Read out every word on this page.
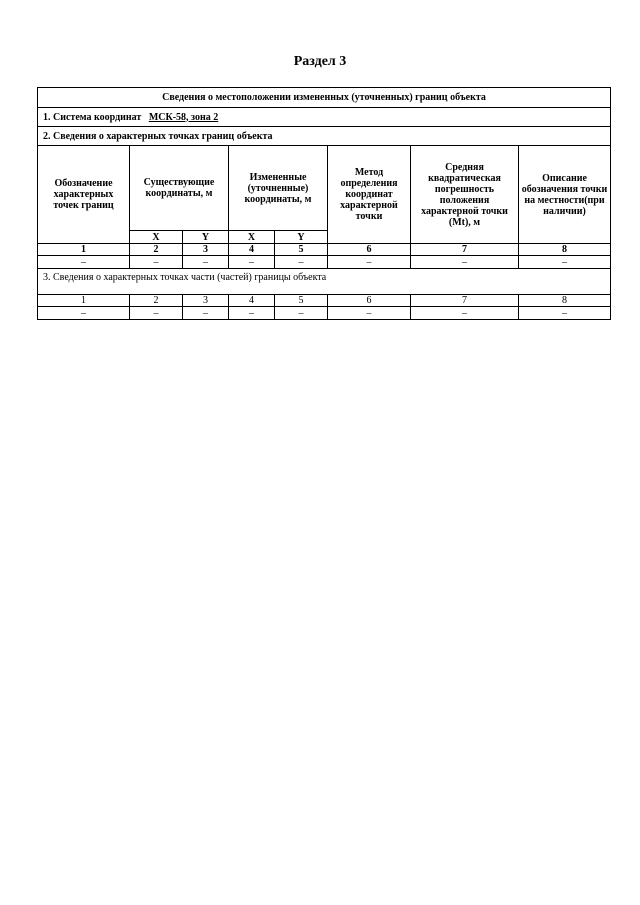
Раздел 3
Сведения о местоположении измененных (уточненных) границ объекта							
1. Система координат МСК-58, зона 2							
2. Сведения о характерных точках границ объекта							
Обозначение характерных точек границ	Существующие координаты, м		Измененные (уточненные) координаты, м		Метод определения координат характерной точки	Средняя квадратическая погрешность положения характерной точки (Mt), м	Описание обозначения точки на местности(при наличии)
	X	Y	X	Y			
1	2	3	4	5	6	7	8
–	–	–	–	–	–	–	–
3. Сведения о характерных точках части (частей) границы объекта							
1	2	3	4	5	6	7	8
–	–	–	–	–	–	–	–
